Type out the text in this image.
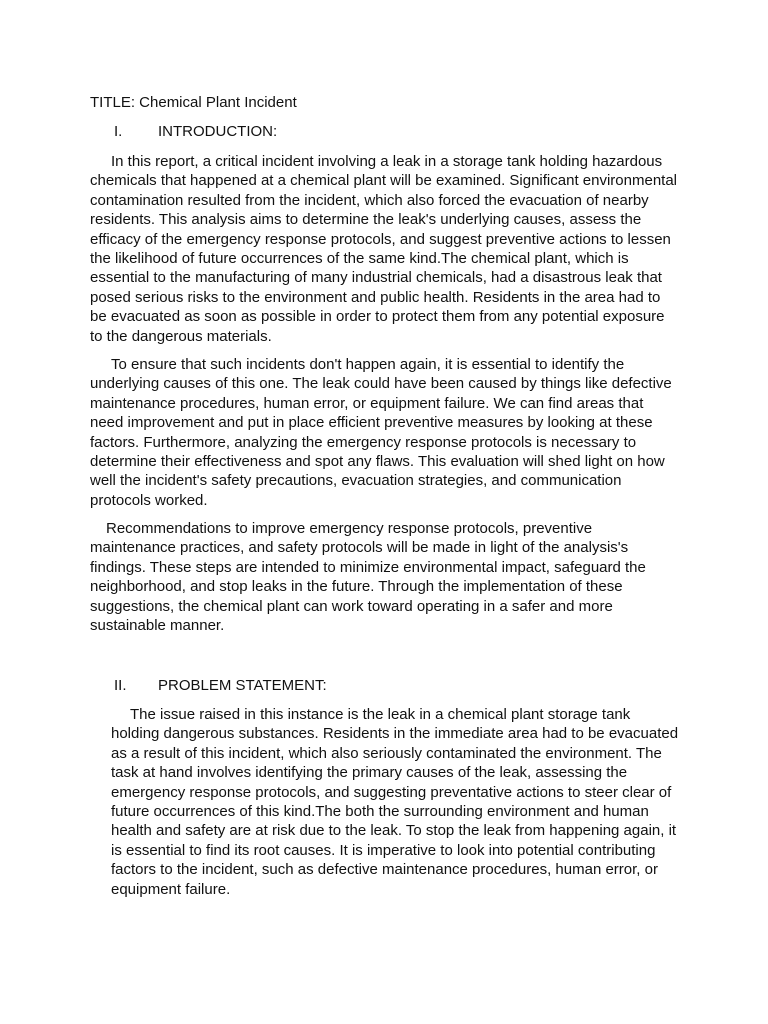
TITLE: Chemical Plant Incident
I. INTRODUCTION:

In this report, a critical incident involving a leak in a storage tank holding hazardous chemicals that happened at a chemical plant will be examined. Significant environmental contamination resulted from the incident, which also forced the evacuation of nearby residents. This analysis aims to determine the leak's underlying causes, assess the efficacy of the emergency response protocols, and suggest preventive actions to lessen the likelihood of future occurrences of the same kind.The chemical plant, which is essential to the manufacturing of many industrial chemicals, had a disastrous leak that posed serious risks to the environment and public health. Residents in the area had to be evacuated as soon as possible in order to protect them from any potential exposure to the dangerous materials.

To ensure that such incidents don't happen again, it is essential to identify the underlying causes of this one. The leak could have been caused by things like defective maintenance procedures, human error, or equipment failure. We can find areas that need improvement and put in place efficient preventive measures by looking at these factors. Furthermore, analyzing the emergency response protocols is necessary to determine their effectiveness and spot any flaws. This evaluation will shed light on how well the incident's safety precautions, evacuation strategies, and communication protocols worked.

Recommendations to improve emergency response protocols, preventive maintenance practices, and safety protocols will be made in light of the analysis's findings. These steps are intended to minimize environmental impact, safeguard the neighborhood, and stop leaks in the future. Through the implementation of these suggestions, the chemical plant can work toward operating in a safer and more sustainable manner.

II. PROBLEM STATEMENT:

The issue raised in this instance is the leak in a chemical plant storage tank holding dangerous substances. Residents in the immediate area had to be evacuated as a result of this incident, which also seriously contaminated the environment. The task at hand involves identifying the primary causes of the leak, assessing the emergency response protocols, and suggesting preventative actions to steer clear of future occurrences of this kind.The both the surrounding environment and human health and safety are at risk due to the leak. To stop the leak from happening again, it is essential to find its root causes. It is imperative to look into potential contributing factors to the incident, such as defective maintenance procedures, human error, or equipment failure.
